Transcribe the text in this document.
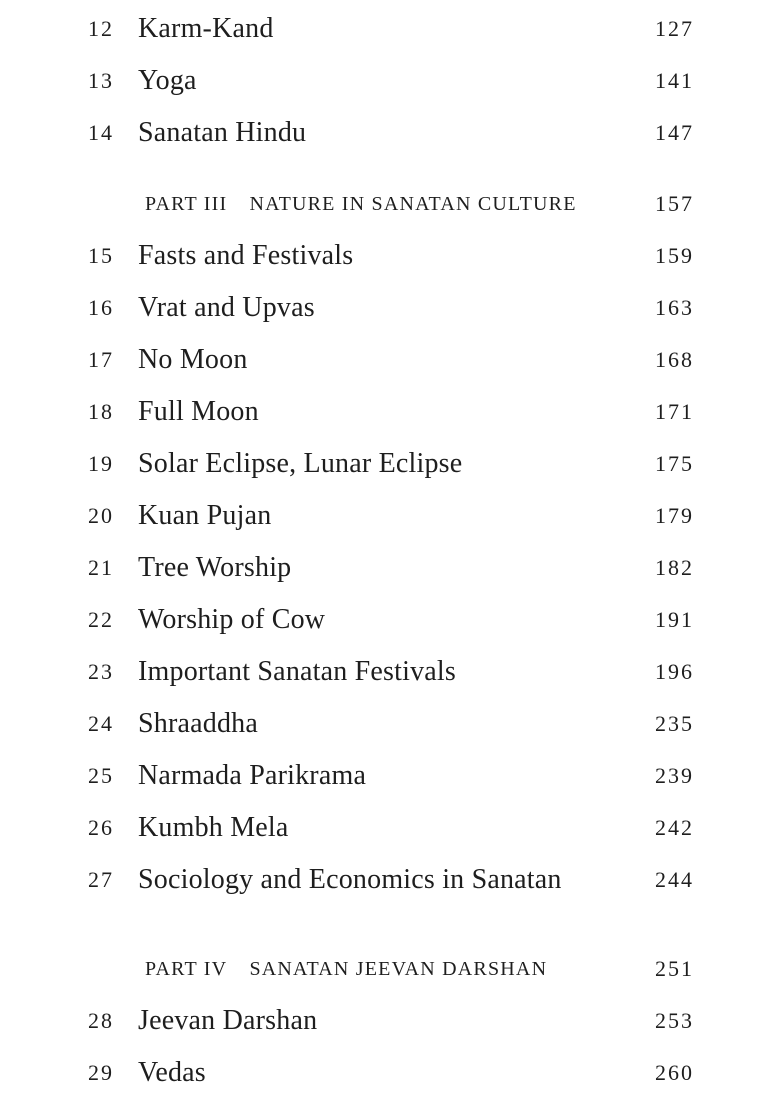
12 Karm-Kand	127
13 Yoga	141
14 Sanatan Hindu	147
PART III NATURE IN SANATAN CULTURE	157
15 Fasts and Festivals	159
16 Vrat and Upvas	163
17 No Moon	168
18 Full Moon	171
19 Solar Eclipse, Lunar Eclipse	175
20 Kuan Pujan	179
21 Tree Worship	182
22 Worship of Cow	191
23 Important Sanatan Festivals	196
24 Shraaddha	235
25 Narmada Parikrama	239
26 Kumbh Mela	242
27 Sociology and Economics in Sanatan	244
PART IV SANATAN JEEVAN DARSHAN	251
28 Jeevan Darshan	253
29 Vedas	260
